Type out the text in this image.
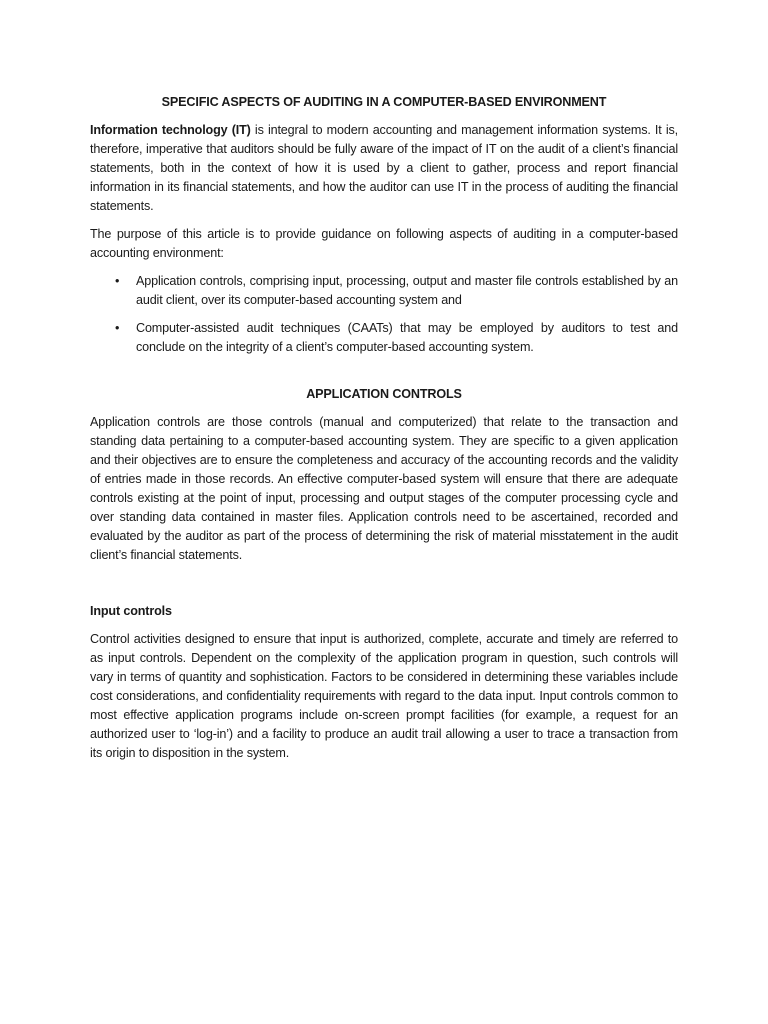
SPECIFIC ASPECTS OF AUDITING IN A COMPUTER-BASED ENVIRONMENT

Information technology (IT) is integral to modern accounting and management information systems. It is, therefore, imperative that auditors should be fully aware of the impact of IT on the audit of a client’s financial statements, both in the context of how it is used by a client to gather, process and report financial information in its financial statements, and how the auditor can use IT in the process of auditing the financial statements.

The purpose of this article is to provide guidance on following aspects of auditing in a computer-based accounting environment:

• Application controls, comprising input, processing, output and master file controls established by an audit client, over its computer-based accounting system and
• Computer-assisted audit techniques (CAATs) that may be employed by auditors to test and conclude on the integrity of a client’s computer-based accounting system.
APPLICATION CONTROLS

Application controls are those controls (manual and computerized) that relate to the transaction and standing data pertaining to a computer-based accounting system. They are specific to a given application and their objectives are to ensure the completeness and accuracy of the accounting records and the validity of entries made in those records. An effective computer-based system will ensure that there are adequate controls existing at the point of input, processing and output stages of the computer processing cycle and over standing data contained in master files. Application controls need to be ascertained, recorded and evaluated by the auditor as part of the process of determining the risk of material misstatement in the audit client’s financial statements.

Input controls

Control activities designed to ensure that input is authorized, complete, accurate and timely are referred to as input controls. Dependent on the complexity of the application program in question, such controls will vary in terms of quantity and sophistication. Factors to be considered in determining these variables include cost considerations, and confidentiality requirements with regard to the data input. Input controls common to most effective application programs include on-screen prompt facilities (for example, a request for an authorized user to ‘log-in’) and a facility to produce an audit trail allowing a user to trace a transaction from its origin to disposition in the system.
